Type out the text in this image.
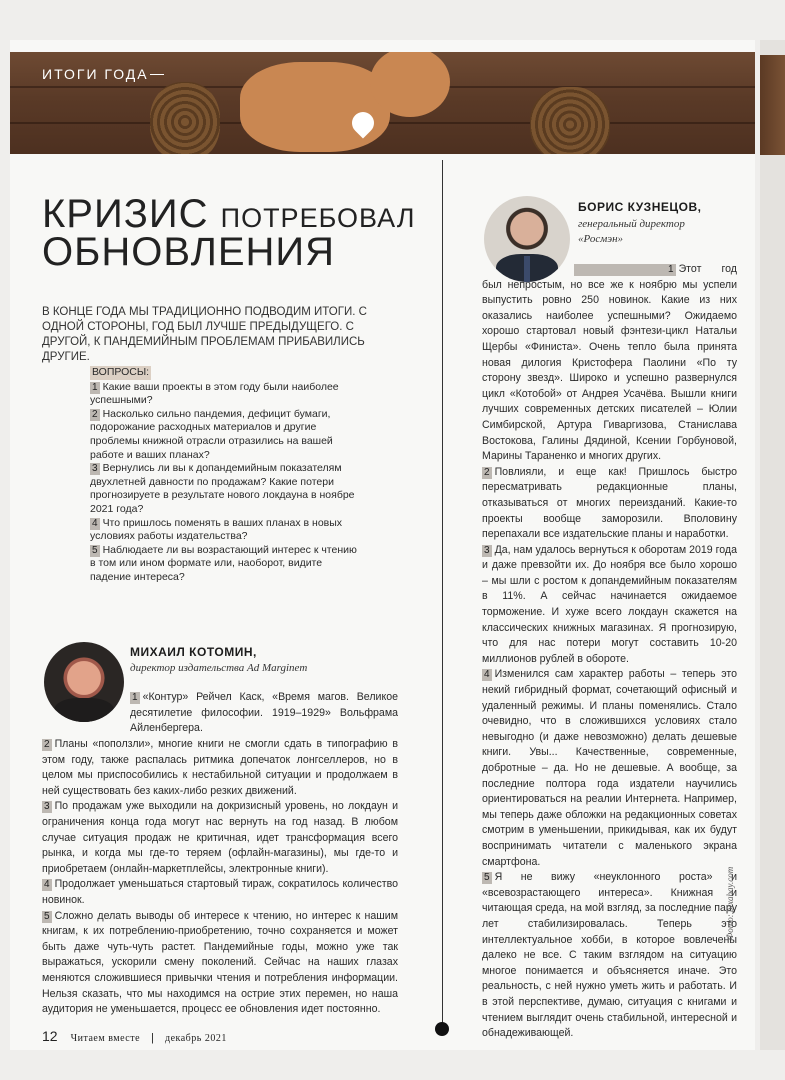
ИТОГИ ГОДА
КРИЗИС ПОТРЕБОВАЛ
ОБНОВЛЕНИЯ
В КОНЦЕ ГОДА МЫ ТРАДИЦИОННО ПОДВОДИМ ИТОГИ. С ОДНОЙ СТОРОНЫ, ГОД БЫЛ ЛУЧШЕ ПРЕДЫДУЩЕГО. С ДРУГОЙ, К ПАНДЕМИЙНЫМ ПРОБЛЕМАМ ПРИБАВИЛИСЬ ДРУГИЕ.
ВОПРОСЫ:
1 Какие ваши проекты в этом году были наиболее успешными?
2 Насколько сильно пандемия, дефицит бумаги, подорожание расходных материалов и другие проблемы книжной отрасли отразились на вашей работе и ваших планах?
3 Вернулись ли вы к допандемийным показателям двухлетней давности по продажам? Какие потери прогнозируете в результате нового локдауна в ноябре 2021 года?
4 Что пришлось поменять в ваших планах в новых условиях работы издательства?
5 Наблюдаете ли вы возрастающий интерес к чтению в том или ином формате или, наоборот, видите падение интереса?
МИХАИЛ КОТОМИН,
директор издательства Ad Marginem

1 «Контур» Рейчел Каск, «Время магов. Великое десятилетие философии. 1919–1929» Вольфрама Айленбергера.

2 Планы «поползли», многие книги не смогли сдать в типографию в этом году, также распалась ритмика допечаток лонгселлеров, но в целом мы приспособились к нестабильной ситуации и продолжаем в ней существовать без каких-либо резких движений.

3 По продажам уже выходили на докризисный уровень, но локдаун и ограничения конца года могут нас вернуть на год назад. В любом случае ситуация продаж не критичная, идет трансформация всего рынка, и когда мы где-то теряем (офлайн-магазины), мы где-то и приобретаем (онлайн-маркетплейсы, электронные книги).

4 Продолжает уменьшаться стартовый тираж, сократилось количество новинок.

5 Сложно делать выводы об интересе к чтению, но интерес к нашим книгам, к их потреблению-приобретению, точно сохраняется и может быть даже чуть-чуть растет. Пандемийные годы, можно уже так выражаться, ускорили смену поколений. Сейчас на наших глазах меняются сложившиеся привычки чтения и потребления информации. Нельзя сказать, что мы находимся на острие этих перемен, но наша аудитория не уменьшается, процесс ее обновления идет постоянно.

БОРИС КУЗНЕЦОВ,
генеральный директор
«Росмэн»

1 Этот год был непростым, но все же к ноябрю мы успели выпустить ровно 250 новинок. Какие из них оказались наиболее успешными? Ожидаемо хорошо стартовал новый фэнтези-цикл Натальи Щербы «Финиста». Очень тепло была принята новая дилогия Кристофера Паолини «По ту сторону звезд». Широко и успешно развернулся цикл «Котобой» от Андрея Усачёва. Вышли книги лучших современных детских писателей – Юлии Симбирской, Артура Гиваргизова, Станислава Востокова, Галины Дядиной, Ксении Горбуновой, Марины Тараненко и многих других.

2 Повлияли, и еще как! Пришлось быстро пересматривать редакционные планы, отказываться от многих переизданий. Какие-то проекты вообще заморозили. Вполовину перепахали все издательские планы и наработки.

3 Да, нам удалось вернуться к оборотам 2019 года и даже превзойти их. До ноября все было хорошо – мы шли с ростом к допандемийным показателям в 11%. А сейчас начинается ожидаемое торможение. И хуже всего локдаун скажется на классических книжных магазинах. Я прогнозирую, что для нас потери могут составить 10-20 миллионов рублей в обороте.

4 Изменился сам характер работы – теперь это некий гибридный формат, сочетающий офисный и удаленный режимы. И планы поменялись. Стало очевидно, что в сложившихся условиях стало невыгодно (и даже невозможно) делать дешевые книги. Увы... Качественные, современные, добротные – да. Но не дешевые. А вообще, за последние полтора года издатели научились ориентироваться на реалии Интернета. Например, мы теперь даже обложки на редакционных советах смотрим в уменьшении, прикидывая, как их будут воспринимать читатели с маленького экрана смартфона.

5 Я не вижу «неуклонного роста» и «всевозрастающего интереса». Книжная и читающая среда, на мой взгляд, за последние пару лет стабилизировалась. Теперь это интеллектуальное хобби, в которое вовлечены далеко не все. С таким взглядом на ситуацию многое понимается и объясняется иначе. Это реальность, с ней нужно уметь жить и работать. И в этой перспективе, думаю, ситуация с книгами и чтением выглядит очень стабильной, интересной и обнадеживающей.

12 Читаем вместе | декабрь 2021
Фото: pixabay.com
